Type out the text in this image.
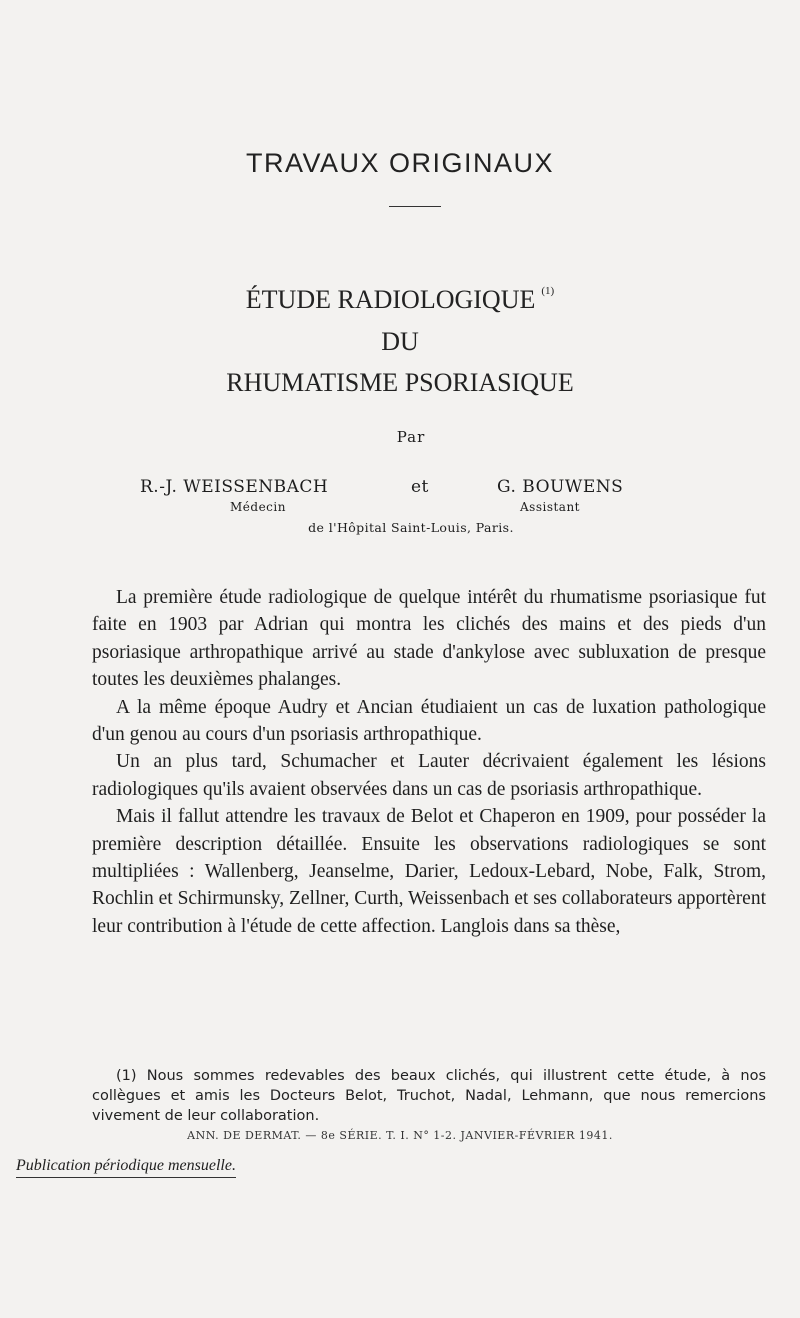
TRAVAUX ORIGINAUX
ÉTUDE RADIOLOGIQUE $^{(1)}$
DU
RHUMATISME PSORIASIQUE
Par
R.-J. WEISSENBACH	et	G. BOUWENS
Médecin	Assistant
de l'Hôpital Saint-Louis, Paris.

La première étude radiologique de quelque intérêt du rhumatisme psoriasique fut faite en 1903 par Adrian qui montra les clichés des mains et des pieds d'un psoriasique arthropathique arrivé au stade d'ankylose avec subluxation de presque toutes les deuxièmes phalanges.

A la même époque Audry et Ancian étudiaient un cas de luxation pathologique d'un genou au cours d'un psoriasis arthropathique.

Un an plus tard, Schumacher et Lauter décrivaient également les lésions radiologiques qu'ils avaient observées dans un cas de psoriasis arthropathique.

Mais il fallut attendre les travaux de Belot et Chaperon en 1909, pour posséder la première description détaillée. Ensuite les observations radiologiques se sont multipliées : Wallenberg, Jeanselme, Darier, Ledoux-Lebard, Nobe, Falk, Strom, Rochlin et Schirmunsky, Zellner, Curth, Weissenbach et ses collaborateurs apportèrent leur contribution à l'étude de cette affection. Langlois dans sa thèse,

(1) Nous sommes redevables des beaux clichés, qui illustrent cette étude, à nos collègues et amis les Docteurs Belot, Truchot, Nadal, Lehmann, que nous remercions vivement de leur collaboration.

ANN. DE DERMAT. — 8e SÉRIE. T. I. N° 1-2. JANVIER-FÉVRIER 1941.
Publication périodique mensuelle.
